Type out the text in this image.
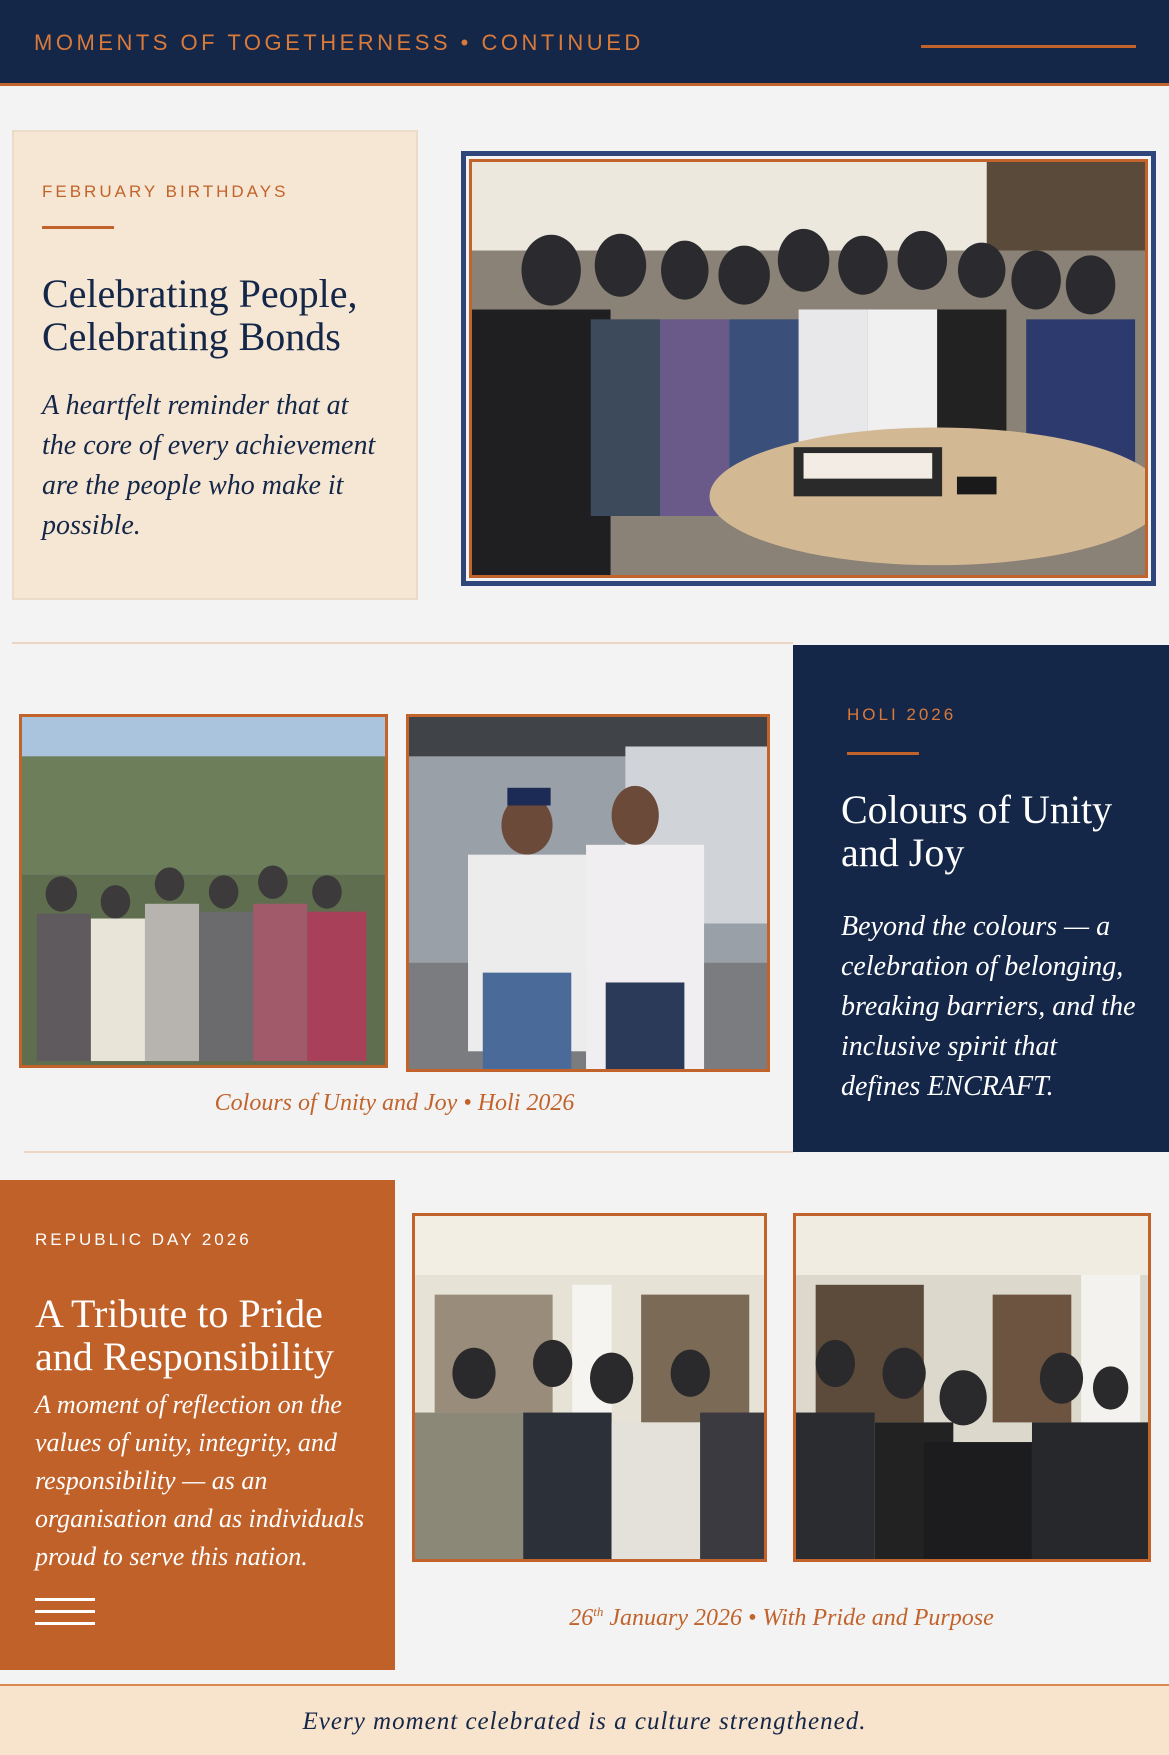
MOMENTS OF TOGETHERNESS • CONTINUED
FEBRUARY BIRTHDAYS
Celebrating People, Celebrating Bonds
A heartfelt reminder that at the core of every achievement are the people who make it possible.
Colours of Unity and Joy • Holi 2026
HOLI 2026
Colours of Unity and Joy
Beyond the colours — a celebration of belonging, breaking barriers, and the inclusive spirit that defines ENCRAFT.
REPUBLIC DAY 2026
A Tribute to Pride and Responsibility
A moment of reflection on the values of unity, integrity, and responsibility — as an organisation and as individuals proud to serve this nation.
26th January 2026 • With Pride and Purpose
Every moment celebrated is a culture strengthened.
